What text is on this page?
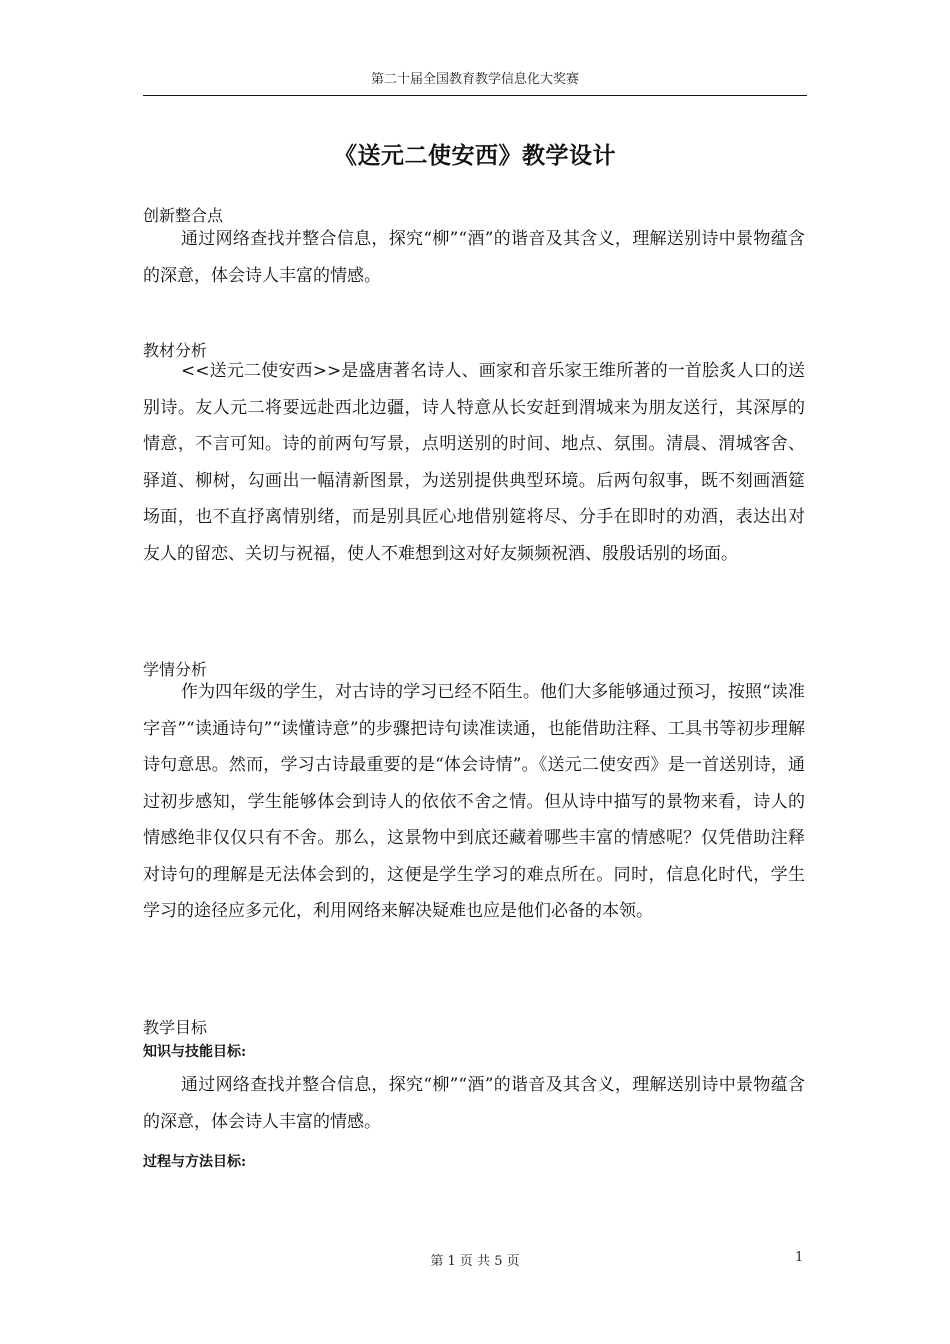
第二十届全国教育教学信息化大奖赛
《送元二使安西》教学设计
创新整合点

通过网络查找并整合信息，探究“柳”“酒”的谐音及其含义，理解送别诗中景物蕴含的深意，体会诗人丰富的情感。

教材分析

<<送元二使安西>>是盛唐著名诗人、画家和音乐家王维所著的一首脍炙人口的送别诗。友人元二将要远赴西北边疆，诗人特意从长安赶到渭城来为朋友送行，其深厚的情意，不言可知。诗的前两句写景，点明送别的时间、地点、氛围。清晨、渭城客舍、驿道、柳树，勾画出一幅清新图景，为送别提供典型环境。后两句叙事，既不刻画酒筵场面，也不直抒离情别绪，而是别具匠心地借别筵将尽、分手在即时的劝酒，表达出对友人的留恋、关切与祝福，使人不难想到这对好友频频祝酒、殷殷话别的场面。

学情分析

作为四年级的学生，对古诗的学习已经不陌生。他们大多能够通过预习，按照“读准字音”“读通诗句”“读懂诗意”的步骤把诗句读准读通，也能借助注释、工具书等初步理解诗句意思。然而，学习古诗最重要的是“体会诗情”。《送元二使安西》是一首送别诗，通过初步感知，学生能够体会到诗人的依依不舍之情。但从诗中描写的景物来看，诗人的情感绝非仅仅只有不舍。那么，这景物中到底还藏着哪些丰富的情感呢？仅凭借助注释对诗句的理解是无法体会到的，这便是学生学习的难点所在。同时，信息化时代，学生学习的途径应多元化，利用网络来解决疑难也应是他们必备的本领。

教学目标
知识与技能目标:

通过网络查找并整合信息，探究“柳”“酒”的谐音及其含义，理解送别诗中景物蕴含的深意，体会诗人丰富的情感。

过程与方法目标:
第 1 页 共 5 页	1
